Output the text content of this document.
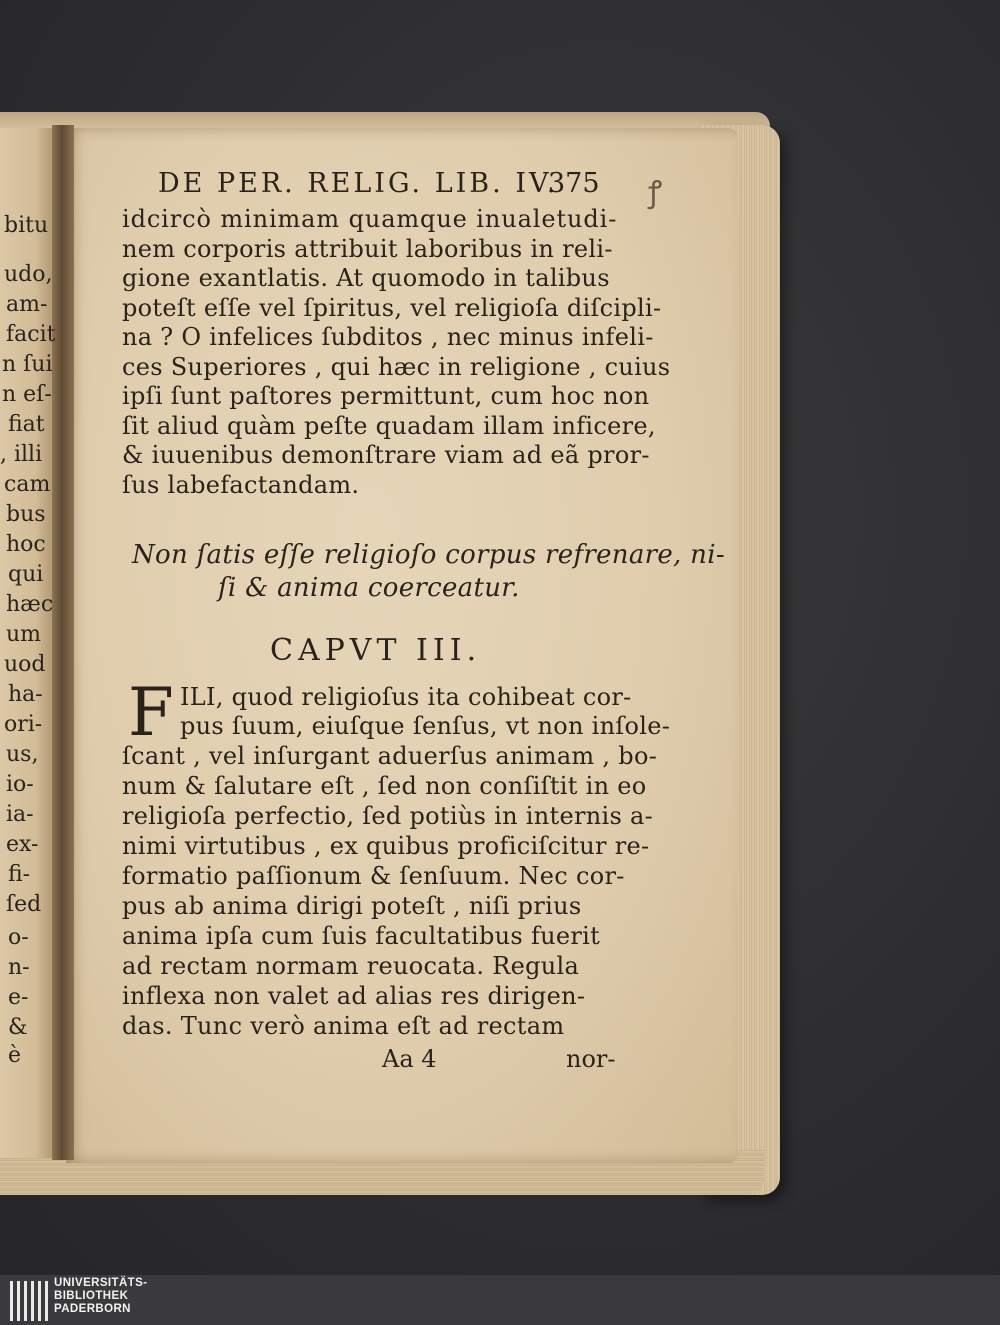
DE PER. RELIG. LIB. IV.
375 ꝭ
idcircò minimam quamque inualetudi-
nem corporis attribuit laboribus in reli-
gione exantlatis. At quomodo in talibus
poteſt eſſe vel ſpiritus, vel religioſa diſcipli-
na ? O infelices ſubditos , nec minus infeli-
ces Superiores , qui hæc in religione , cuius
ipſi ſunt paſtores permittunt, cum hoc non
ſit aliud quàm peſte quadam illam inficere,
& iuuenibus demonſtrare viam ad eã pror-
ſus labefactandam.
Non ſatis eſſe religioſo corpus refrenare, ni-
ſi & anima coerceatur.
CAPVT III.
F ILI, quod religioſus ita cohibeat cor-
pus ſuum, eiuſque ſenſus, vt non inſole-
ſcant , vel inſurgant aduerſus animam , bo-
num & ſalutare eſt , ſed non conſiſtit in eo
religioſa perfectio, ſed potiùs in internis a-
nimi virtutibus , ex quibus proficiſcitur re-
formatio paſſionum & ſenſuum. Nec cor-
pus ab anima dirigi poteſt , niſi prius
anima ipſa cum ſuis facultatibus fuerit
ad rectam normam reuocata. Regula
inflexa non valet ad alias res dirigen-
das. Tunc verò anima eſt ad rectam
Aa 4	nor-
bitu
udo,
am-
facit
n ſui
n eſ-
fiat
, illi
cam
bus
hoc
qui
hæc
um
uod
ha-
ori-
us,
io-
ia-
ex-
fi-
ſed
o-
n-
e-
&
è
UNIVERSITÄTS-
BIBLIOTHEK
PADERBORN
